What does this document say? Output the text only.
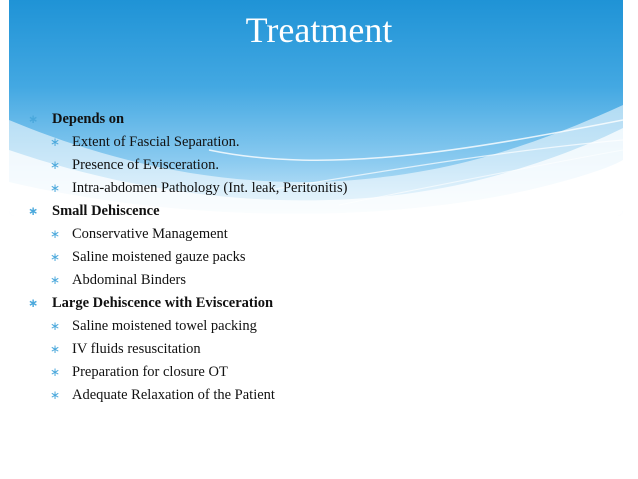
Treatment
∗ Depends on
∗ Extent of Fascial Separation.
∗ Presence of Evisceration.
∗ Intra-abdomen Pathology (Int. leak, Peritonitis)
∗ Small Dehiscence
∗ Conservative Management
∗ Saline moistened gauze packs
∗ Abdominal Binders
∗ Large Dehiscence with Evisceration
∗ Saline moistened towel packing
∗ IV fluids resuscitation
∗ Preparation for closure OT
∗ Adequate Relaxation of the Patient
